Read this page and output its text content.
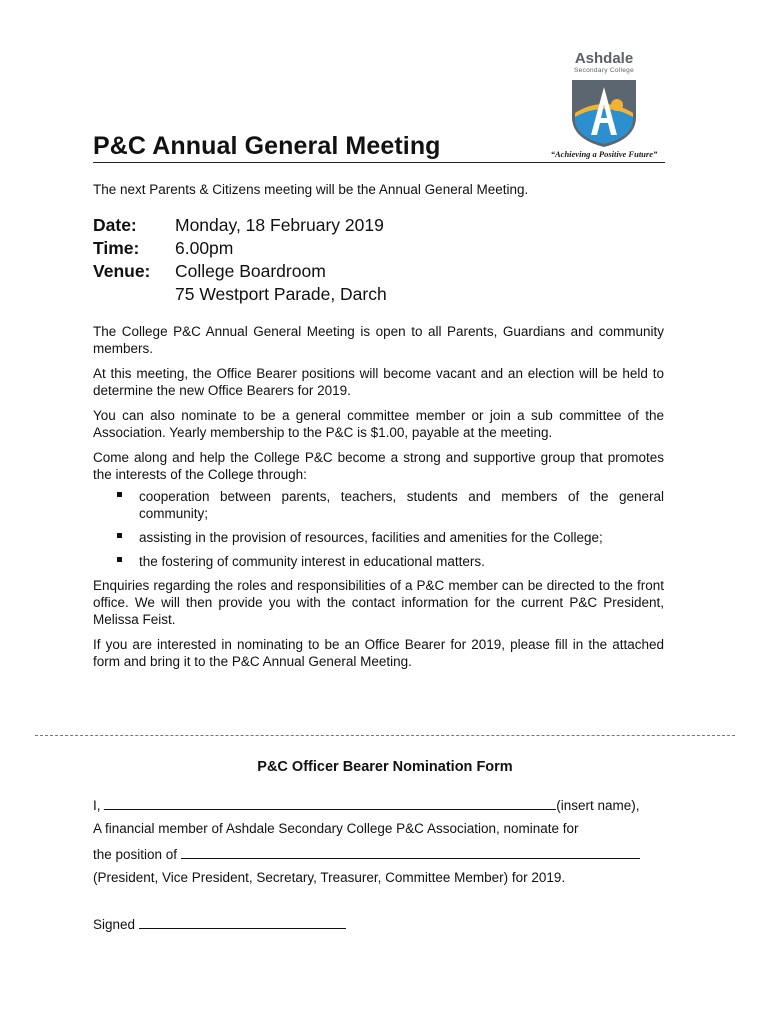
Ashdale
Secondary College
“Achieving a Positive Future”
P&C Annual General Meeting

The next Parents & Citizens meeting will be the Annual General Meeting.

Date:	Monday, 18 February 2019
Time:	6.00pm
Venue:	College Boardroom
75 Westport Parade, Darch

The College P&C Annual General Meeting is open to all Parents, Guardians and community members.

At this meeting, the Office Bearer positions will become vacant and an election will be held to determine the new Office Bearers for 2019.

You can also nominate to be a general committee member or join a sub committee of the Association. Yearly membership to the P&C is $1.00, payable at the meeting.

Come along and help the College P&C become a strong and supportive group that promotes the interests of the College through:

cooperation between parents, teachers, students and members of the general community;
assisting in the provision of resources, facilities and amenities for the College;
the fostering of community interest in educational matters.

Enquiries regarding the roles and responsibilities of a P&C member can be directed to the front office. We will then provide you with the contact information for the current P&C President, Melissa Feist.

If you are interested in nominating to be an Office Bearer for 2019, please fill in the attached form and bring it to the P&C Annual General Meeting.

P&C Officer Bearer Nomination Form
I,	(insert name),
A financial member of Ashdale Secondary College P&C Association, nominate for
the position of
(President, Vice President, Secretary, Treasurer, Committee Member) for 2019.
Signed
